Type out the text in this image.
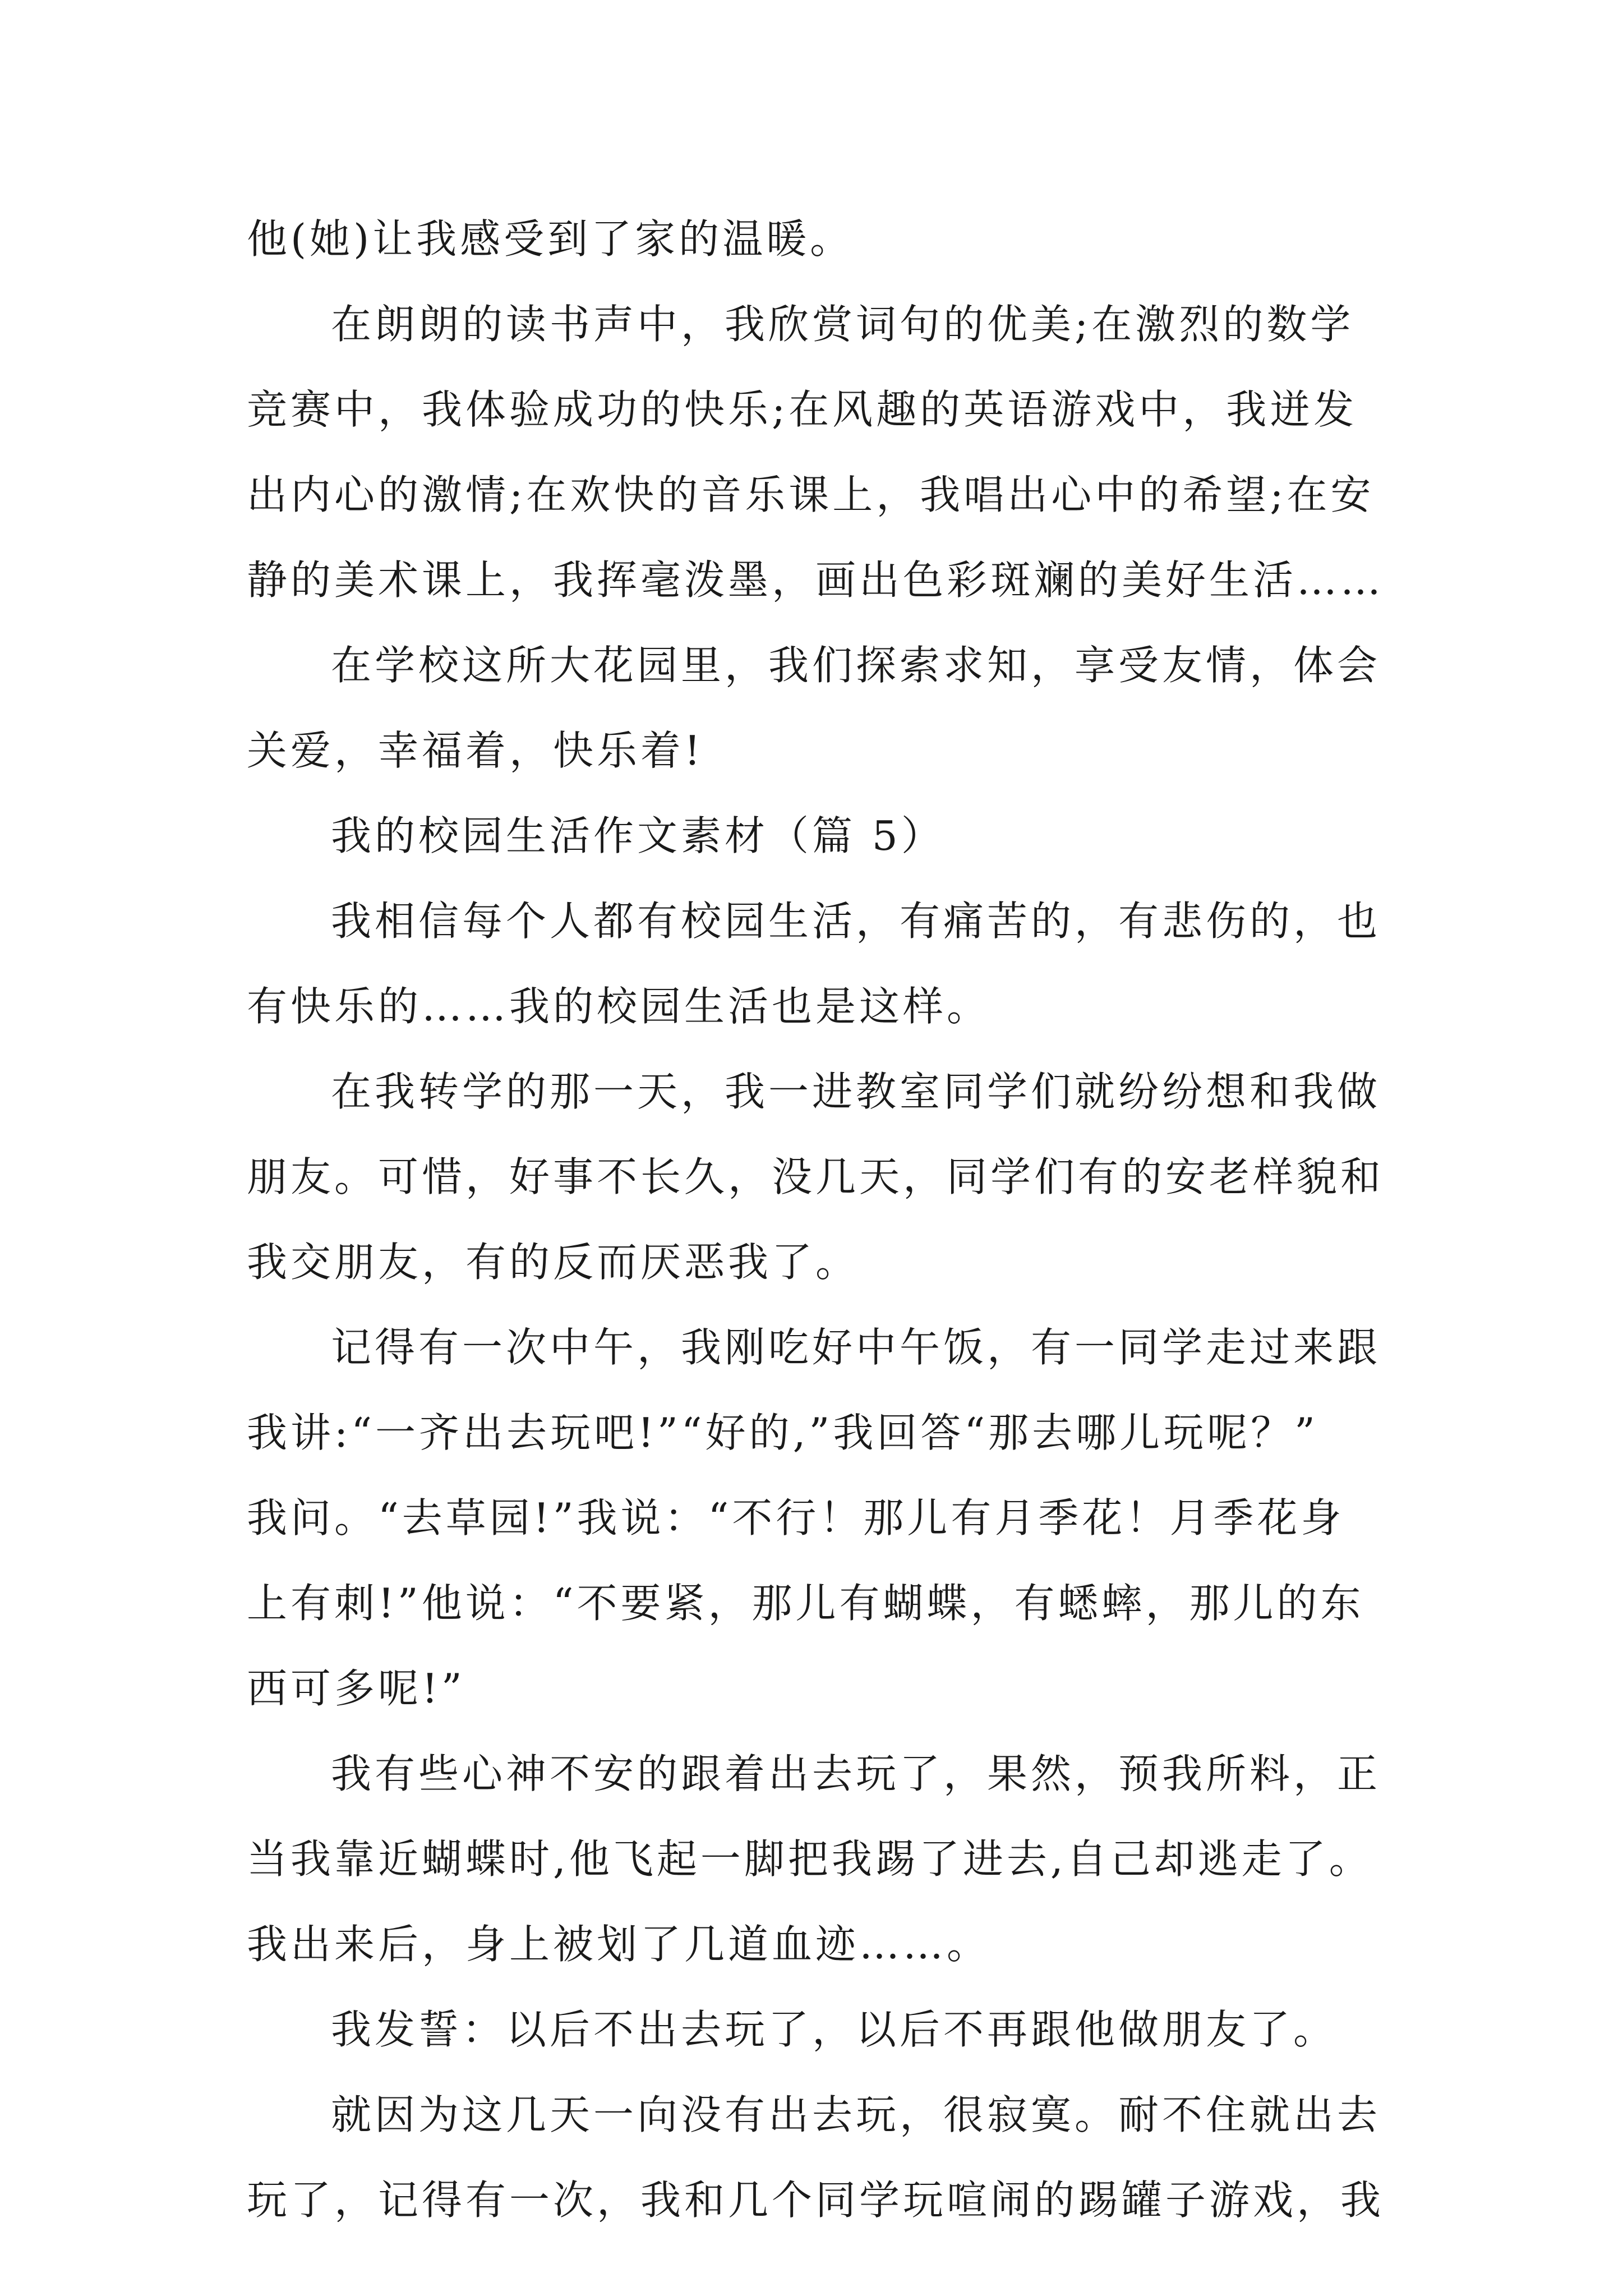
他(她)让我感受到了家的温暖。
在朗朗的读书声中，我欣赏词句的优美;在激烈的数学
竞赛中，我体验成功的快乐;在风趣的英语游戏中，我迸发
出内心的激情;在欢快的音乐课上，我唱出心中的希望;在安
静的美术课上，我挥毫泼墨，画出色彩斑斓的美好生活……
在学校这所大花园里，我们探索求知，享受友情，体会
关爱，幸福着，快乐着!
我的校园生活作文素材（篇 5）
我相信每个人都有校园生活，有痛苦的，有悲伤的，也
有快乐的……我的校园生活也是这样。
在我转学的那一天，我一进教室同学们就纷纷想和我做
朋友。可惜，好事不长久，没几天，同学们有的安老样貌和
我交朋友，有的反而厌恶我了。
记得有一次中午，我刚吃好中午饭，有一同学走过来跟
我讲:“一齐出去玩吧!”“好的,”我回答“那去哪儿玩呢？”
我问。“去草园!”我说：“不行！那儿有月季花！月季花身
上有刺!”他说：“不要紧，那儿有蝴蝶，有蟋蟀，那儿的东
西可多呢!”
我有些心神不安的跟着出去玩了，果然，预我所料，正
当我靠近蝴蝶时,他飞起一脚把我踢了进去,自己却逃走了。
我出来后，身上被划了几道血迹……。
我发誓：以后不出去玩了，以后不再跟他做朋友了。
就因为这几天一向没有出去玩，很寂寞。耐不住就出去
玩了，记得有一次，我和几个同学玩喧闹的踢罐子游戏，我
